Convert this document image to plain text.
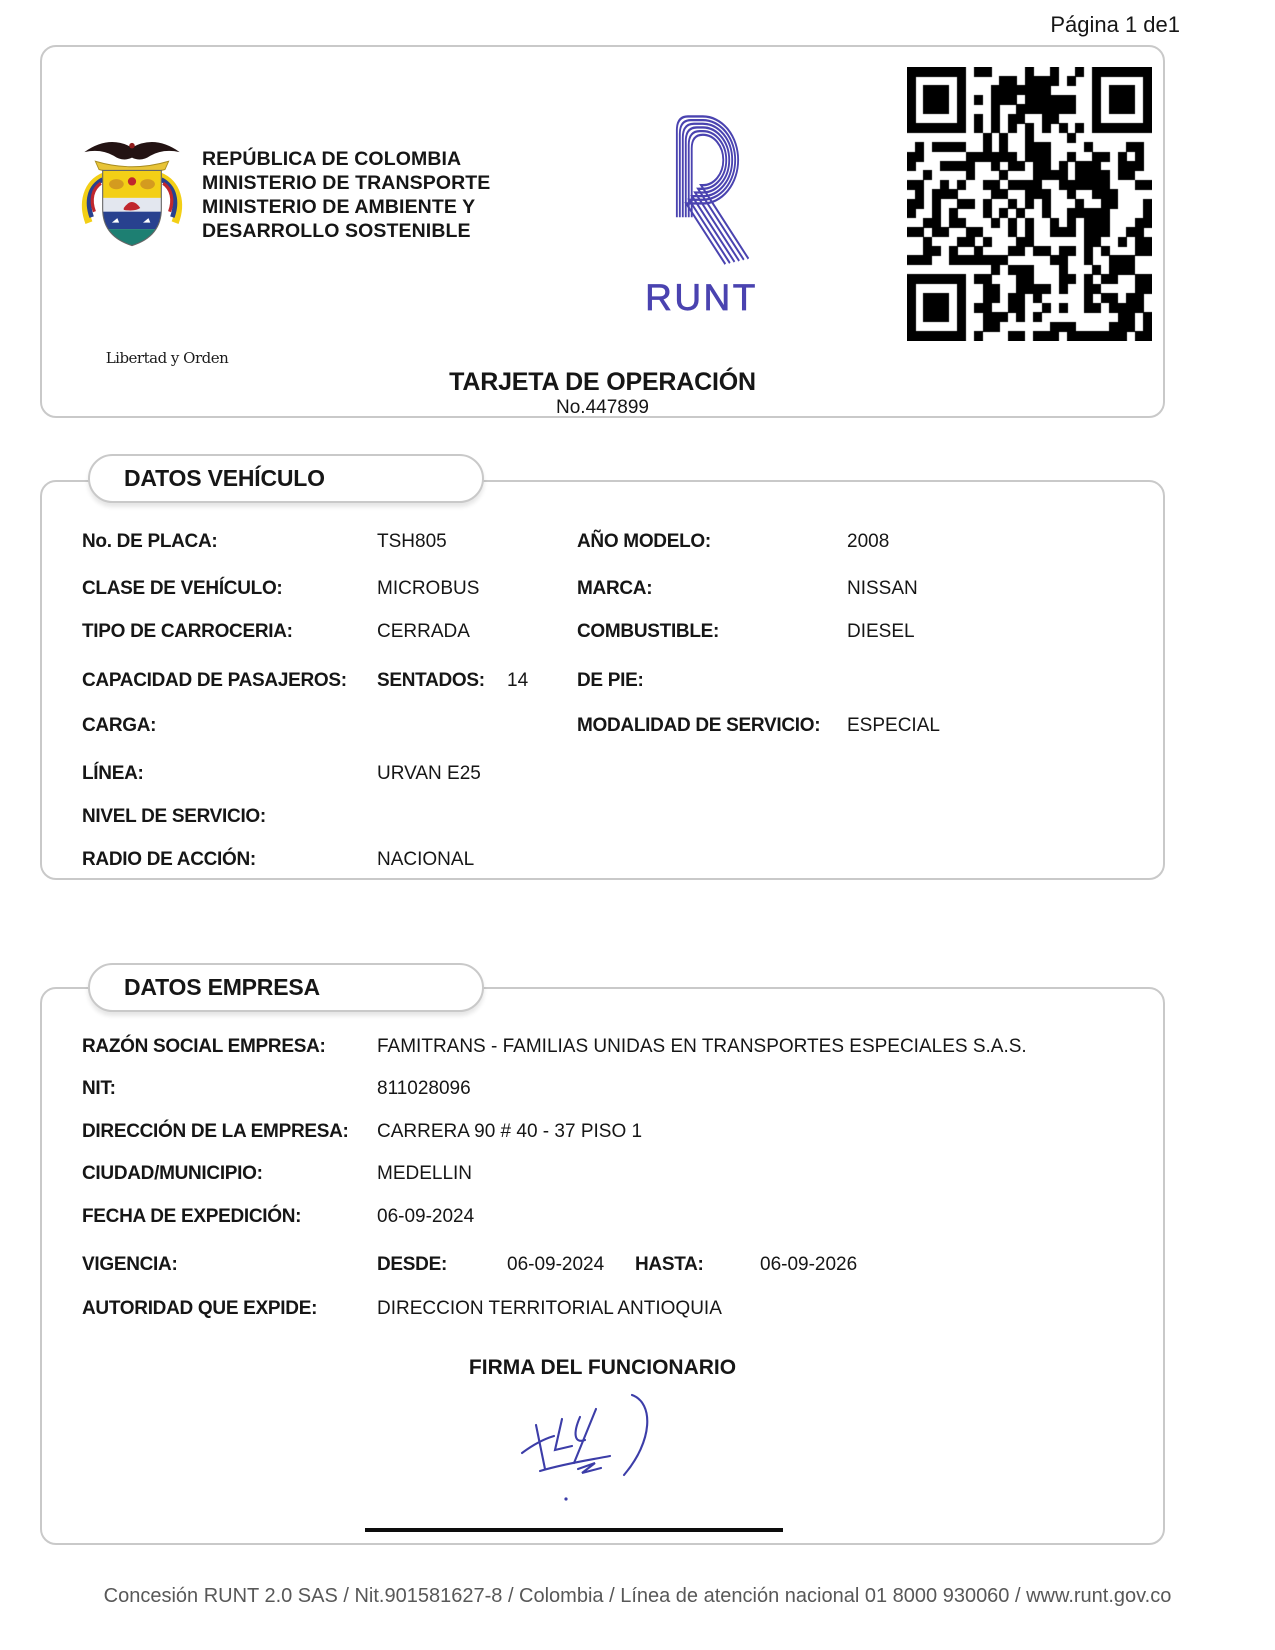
Página 1 de1
Libertad y Orden
REPÚBLICA DE COLOMBIA
MINISTERIO DE TRANSPORTE
MINISTERIO DE AMBIENTE Y
DESARROLLO SOSTENIBLE
RUNT
TARJETA DE OPERACIÓN
No.447899
DATOS VEHÍCULO
No. DE PLACA:	TSH805	AÑO MODELO:	2008
CLASE DE VEHÍCULO:	MICROBUS	MARCA:	NISSAN
TIPO DE CARROCERIA:	CERRADA	COMBUSTIBLE:	DIESEL
CAPACIDAD DE PASAJEROS: SENTADOS: 14	DE PIE:
CARGA:	MODALIDAD DE SERVICIO: ESPECIAL
LÍNEA:	URVAN E25
NIVEL DE SERVICIO:
RADIO DE ACCIÓN:	NACIONAL
DATOS EMPRESA
RAZÓN SOCIAL EMPRESA:	FAMITRANS - FAMILIAS UNIDAS EN TRANSPORTES ESPECIALES S.A.S.
NIT:	811028096
DIRECCIÓN DE LA EMPRESA: CARRERA 90 # 40 - 37 PISO 1
CIUDAD/MUNICIPIO:	MEDELLIN
FECHA DE EXPEDICIÓN:	06-09-2024
VIGENCIA:	DESDE:	06-09-2024 HASTA:	06-09-2026
AUTORIDAD QUE EXPIDE:	DIRECCION TERRITORIAL ANTIOQUIA
FIRMA DEL FUNCIONARIO
Concesión RUNT 2.0 SAS / Nit.901581627-8 / Colombia / Línea de atención nacional 01 8000 930060 / www.runt.gov.co
